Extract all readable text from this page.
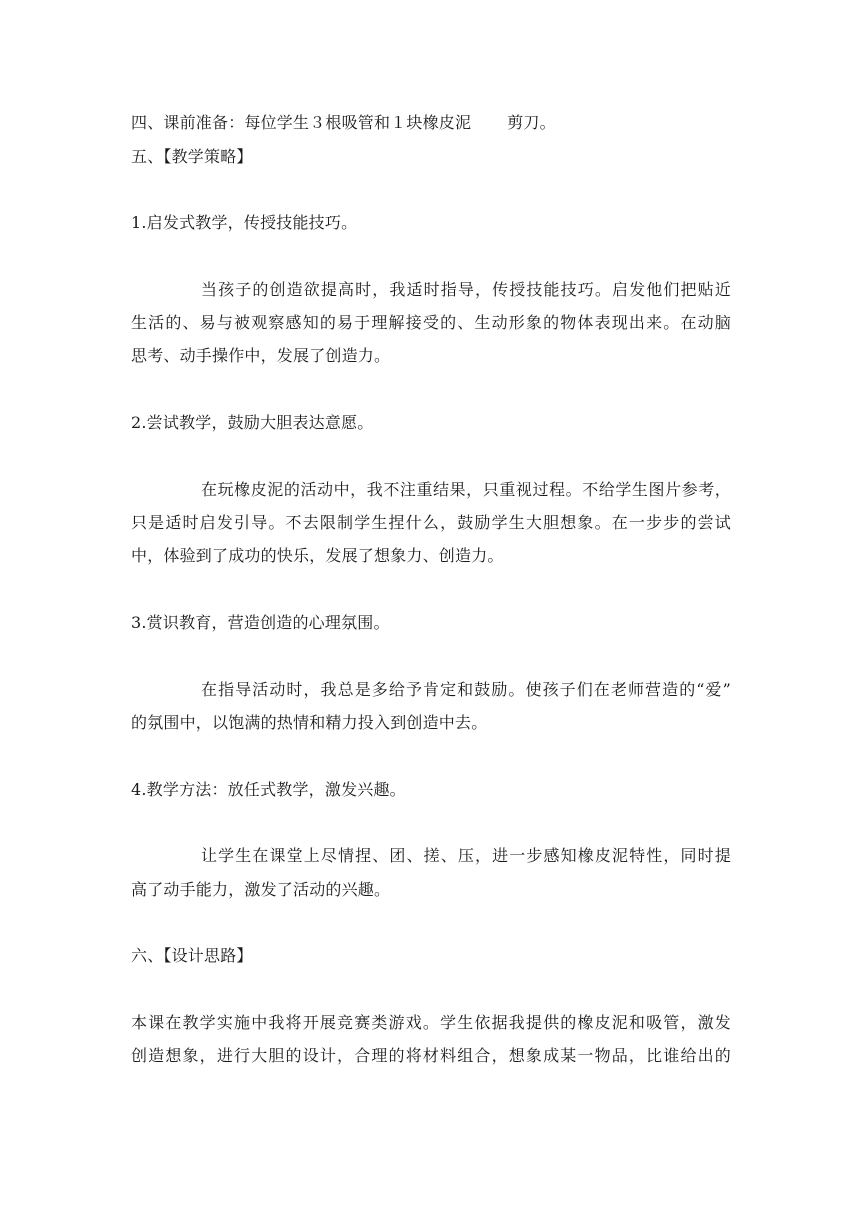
四、课前准备：每位学生３根吸管和１块橡皮泥 剪刀。
五、【教学策略】
1.启发式教学，传授技能技巧。
当孩子的创造欲提高时，我适时指导，传授技能技巧。启发他们把贴近
生活的、易与被观察感知的易于理解接受的、生动形象的物体表现出来。在动脑
思考、动手操作中，发展了创造力。
2.尝试教学，鼓励大胆表达意愿。
在玩橡皮泥的活动中，我不注重结果，只重视过程。不给学生图片参考，
只是适时启发引导。不去限制学生捏什么，鼓励学生大胆想象。在一步步的尝试
中，体验到了成功的快乐，发展了想象力、创造力。
3.赏识教育，营造创造的心理氛围。
在指导活动时，我总是多给予肯定和鼓励。使孩子们在老师营造的“爱”
的氛围中，以饱满的热情和精力投入到创造中去。
4.教学方法：放任式教学，激发兴趣。
让学生在课堂上尽情捏、团、搓、压，进一步感知橡皮泥特性，同时提
高了动手能力，激发了活动的兴趣。
六、【设计思路】
本课在教学实施中我将开展竞赛类游戏。学生依据我提供的橡皮泥和吸管，激发
创造想象，进行大胆的设计，合理的将材料组合，想象成某一物品，比谁给出的
